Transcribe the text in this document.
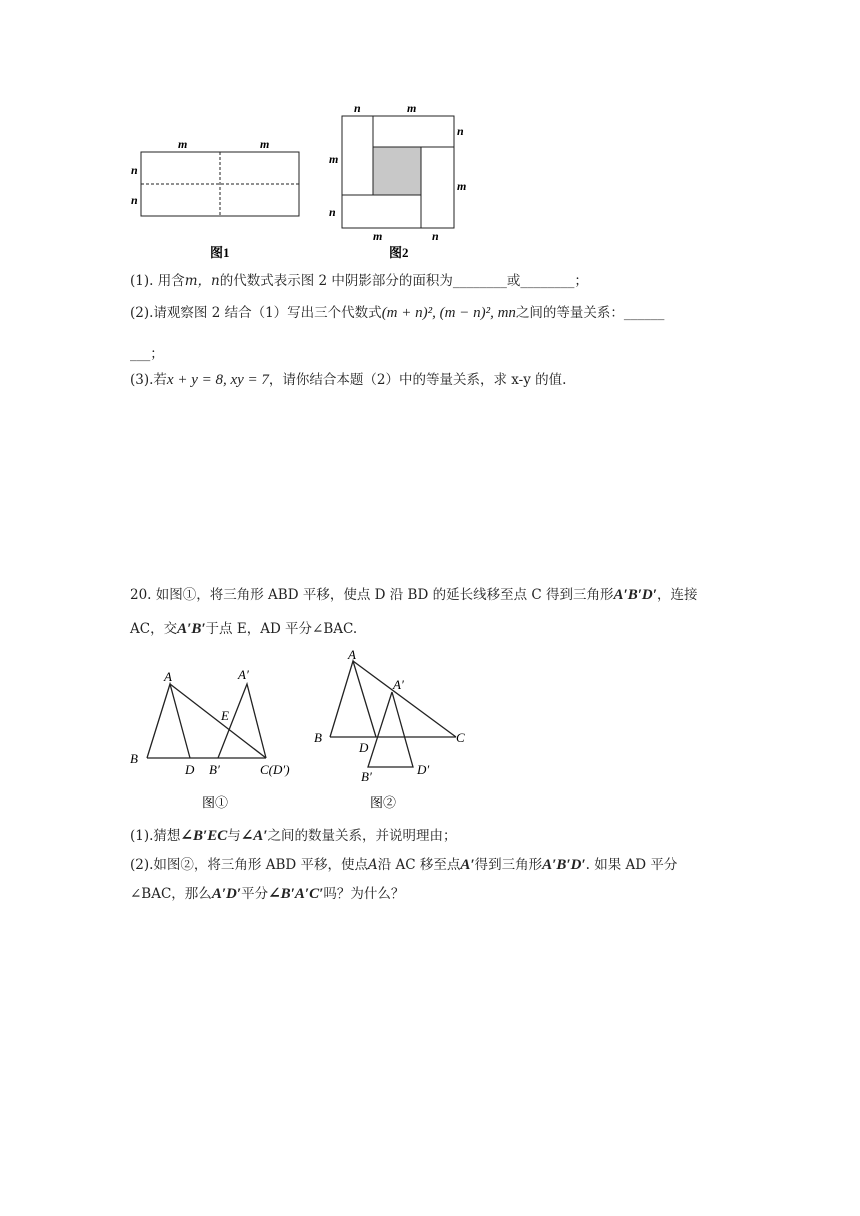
m	m
n
n
图1
n	m
n
m
m
n
m	n
图2
(1). 用含m，n的代数式表示图 2 中阴影部分的面积为________或________；
(2).请观察图 2 结合（1）写出三个代数式(m + n)², (m − n)², mn之间的等量关系：______
___；
(3).若x + y = 8, xy = 7，请你结合本题（2）中的等量关系，求 x-y 的值.
20. 如图①，将三角形 ABD 平移，使点 D 沿 BD 的延长线移至点 C 得到三角形A′B′D′，连接
AC，交A′B′于点 E，AD 平分∠BAC.
A	A′
E
B
D B′	C(D′)
图①
A
A′
B	C
D
B′	D′
图②
(1).猜想∠B′EC与∠A′之间的数量关系，并说明理由；
(2).如图②，将三角形 ABD 平移，使点A沿 AC 移至点A′得到三角形A′B′D′. 如果 AD 平分
∠BAC，那么A′D′平分∠B′A′C′吗？为什么？
